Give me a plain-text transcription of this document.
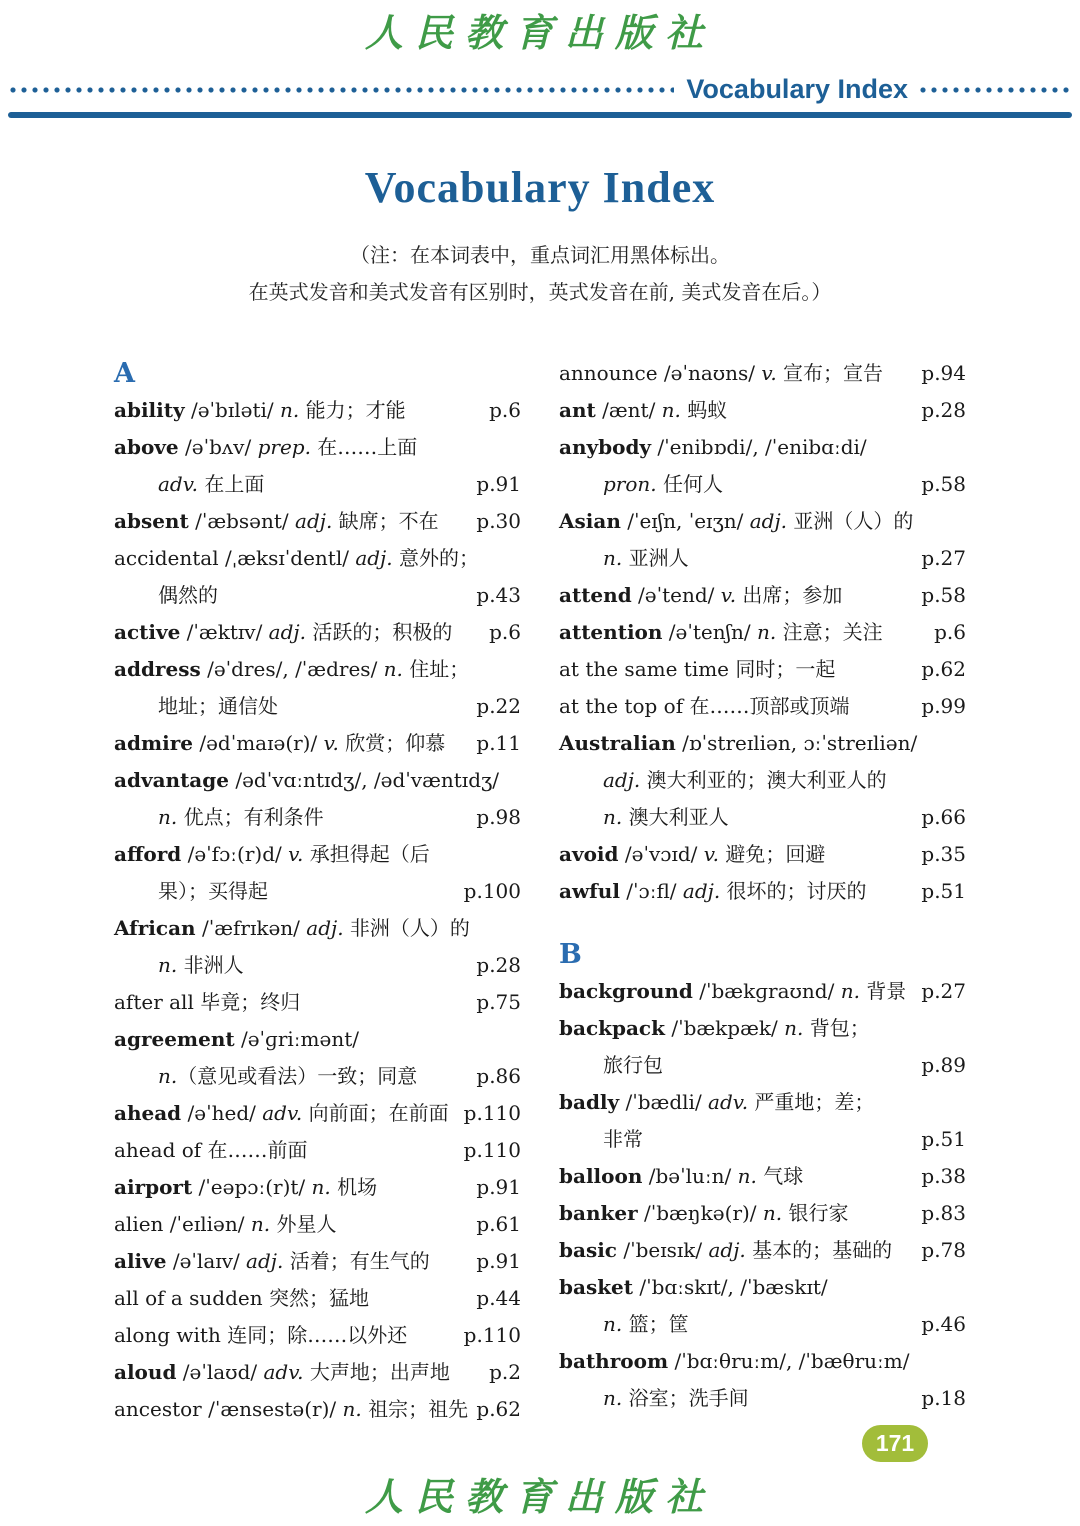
人民教育出版社
Vocabulary Index
Vocabulary Index

（注：在本词表中，重点词汇用黑体标出。

在英式发音和美式发音有区别时，英式发音在前, 美式发音在后。）

A
ability /əˈbɪləti/ n. 能力；才能	p.6
above /əˈbʌv/ prep. 在……上面
adv. 在上面	p.91
absent /ˈæbsənt/ adj. 缺席；不在	p.30
accidental /ˌæksɪˈdentl/ adj. 意外的；
偶然的	p.43
active /ˈæktɪv/ adj. 活跃的；积极的	p.6
address /əˈdres/, /ˈædres/ n. 住址；
地址；通信处	p.22
admire /ədˈmaɪə(r)/ v. 欣赏；仰慕	p.11
advantage /ədˈvɑːntɪdʒ/, /ədˈvæntɪdʒ/
n. 优点；有利条件	p.98
afford /əˈfɔː(r)d/ v. 承担得起（后
果）；买得起	p.100
African /ˈæfrɪkən/ adj. 非洲（人）的
n. 非洲人	p.28
after all 毕竟；终归	p.75
agreement /əˈɡriːmənt/
n.（意见或看法）一致；同意	p.86
ahead /əˈhed/ adv. 向前面；在前面 p.110
ahead of 在……前面	p.110
airport /ˈeəpɔː(r)t/ n. 机场	p.91
alien /ˈeɪliən/ n. 外星人	p.61
alive /əˈlaɪv/ adj. 活着；有生气的	p.91
all of a sudden 突然；猛地	p.44
along with 连同；除……以外还	p.110
aloud /əˈlaʊd/ adv. 大声地；出声地	p.2
ancestor /ˈænsestə(r)/ n. 祖宗；祖先 p.62
announce /əˈnaʊns/ v. 宣布；宣告	p.94
ant /ænt/ n. 蚂蚁	p.28
anybody /ˈenibɒdi/, /ˈenibɑːdi/
pron. 任何人	p.58
Asian /ˈeɪʃn, ˈeɪʒn/ adj. 亚洲（人）的
n. 亚洲人	p.27
attend /əˈtend/ v. 出席；参加	p.58
attention /əˈtenʃn/ n. 注意；关注	p.6
at the same time 同时；一起	p.62
at the top of 在……顶部或顶端	p.99
Australian /ɒˈstreɪliən, ɔːˈstreɪliən/
adj. 澳大利亚的；澳大利亚人的
n. 澳大利亚人	p.66
avoid /əˈvɔɪd/ v. 避免；回避	p.35
awful /ˈɔːfl/ adj. 很坏的；讨厌的	p.51
B
background /ˈbækɡraʊnd/ n. 背景 p.27
backpack /ˈbækpæk/ n. 背包；
旅行包	p.89
badly /ˈbædli/ adv. 严重地；差；
非常	p.51
balloon /bəˈluːn/ n. 气球	p.38
banker /ˈbæŋkə(r)/ n. 银行家	p.83
basic /ˈbeɪsɪk/ adj. 基本的；基础的	p.78
basket /ˈbɑːskɪt/, /ˈbæskɪt/
n. 篮；筐	p.46
bathroom /ˈbɑːθruːm/, /ˈbæθruːm/
n. 浴室；洗手间	p.18
171
人民教育出版社
